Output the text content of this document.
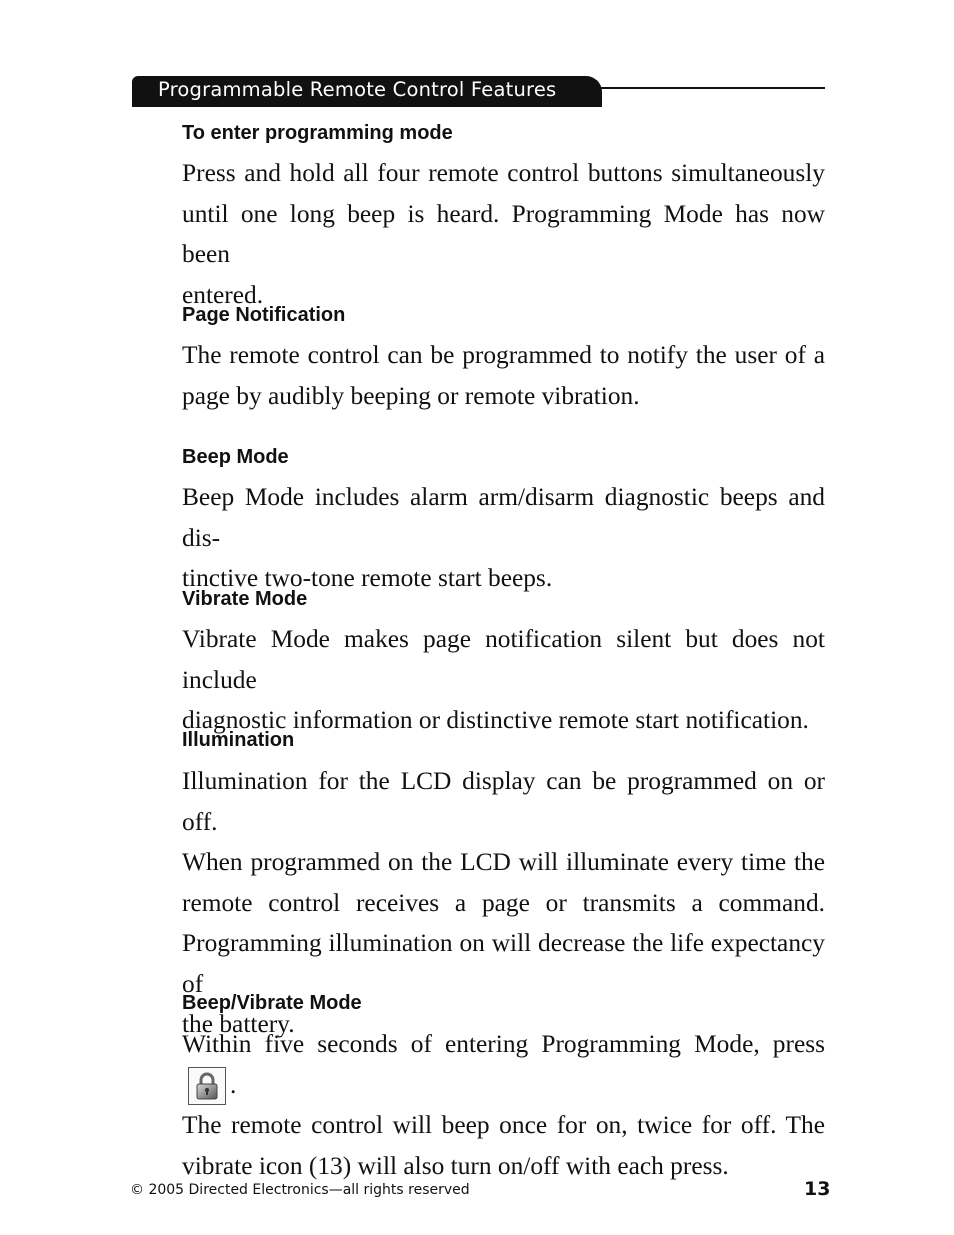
Programmable Remote Control Features
To enter programming mode
Press and hold all four remote control buttons simultaneously
until one long beep is heard. Programming Mode has now been
entered.
Page Notification
The remote control can be programmed to notify the user of a
page by audibly beeping or remote vibration.
Beep Mode
Beep Mode includes alarm arm/disarm diagnostic beeps and dis-
tinctive two-tone remote start beeps.
Vibrate Mode
Vibrate Mode makes page notification silent but does not include
diagnostic information or distinctive remote start notification.
Illumination
Illumination for the LCD display can be programmed on or off.
When programmed on the LCD will illuminate every time the
remote control receives a page or transmits a command.
Programming illumination on will decrease the life expectancy of
the battery.
Beep/Vibrate Mode
Within five seconds of entering Programming Mode, press
.
The remote control will beep once for on, twice for off. The
vibrate icon (13) will also turn on/off with each press.
© 2005 Directed Electronics—all rights reserved	13
